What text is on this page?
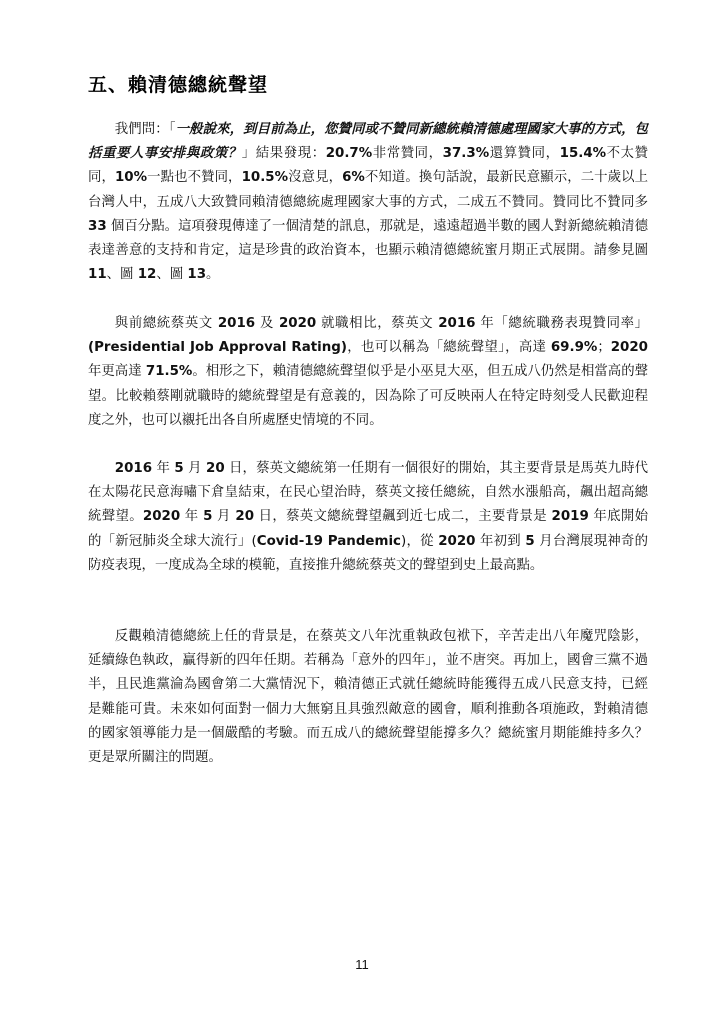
五、賴清德總統聲望
我們問：「一般說來，到目前為止，您贊同或不贊同新總統賴清德處理國家大事的方式，包括重要人事安排與政策？」結果發現：20.7%非常贊同，37.3%還算贊同，15.4%不太贊同，10%一點也不贊同，10.5%沒意見，6%不知道。換句話說，最新民意顯示，二十歲以上台灣人中，五成八大致贊同賴清德總統處理國家大事的方式，二成五不贊同。贊同比不贊同多 33 個百分點。這項發現傳達了一個清楚的訊息，那就是，遠遠超過半數的國人對新總統賴清德表達善意的支持和肯定，這是珍貴的政治資本，也顯示賴清德總統蜜月期正式展開。請參見圖 11、圖 12、圖 13。
與前總統蔡英文 2016 及 2020 就職相比，蔡英文 2016 年「總統職務表現贊同率」(Presidential Job Approval Rating)，也可以稱為「總統聲望」，高達 69.9%；2020 年更高達 71.5%。相形之下，賴清德總統聲望似乎是小巫見大巫，但五成八仍然是相當高的聲望。比較賴蔡剛就職時的總統聲望是有意義的，因為除了可反映兩人在特定時刻受人民歡迎程度之外，也可以襯托出各自所處歷史情境的不同。
2016 年 5 月 20 日，蔡英文總統第一任期有一個很好的開始，其主要背景是馬英九時代在太陽花民意海嘯下倉皇結束，在民心望治時，蔡英文接任總統，自然水漲船高，飆出超高總統聲望。2020 年 5 月 20 日，蔡英文總統聲望飆到近七成二，主要背景是 2019 年底開始的「新冠肺炎全球大流行」(Covid-19 Pandemic)，從 2020 年初到 5 月台灣展現神奇的防疫表現，一度成為全球的模範，直接推升總統蔡英文的聲望到史上最高點。
反觀賴清德總統上任的背景是，在蔡英文八年沈重執政包袱下，辛苦走出八年魔咒陰影，延續綠色執政，贏得新的四年任期。若稱為「意外的四年」，並不唐突。再加上，國會三黨不過半，且民進黨淪為國會第二大黨情況下，賴清德正式就任總統時能獲得五成八民意支持，已經是難能可貴。未來如何面對一個力大無窮且具強烈敵意的國會，順利推動各項施政，對賴清德的國家領導能力是一個嚴酷的考驗。而五成八的總統聲望能撐多久？總統蜜月期能維持多久？更是眾所關注的問題。
11
